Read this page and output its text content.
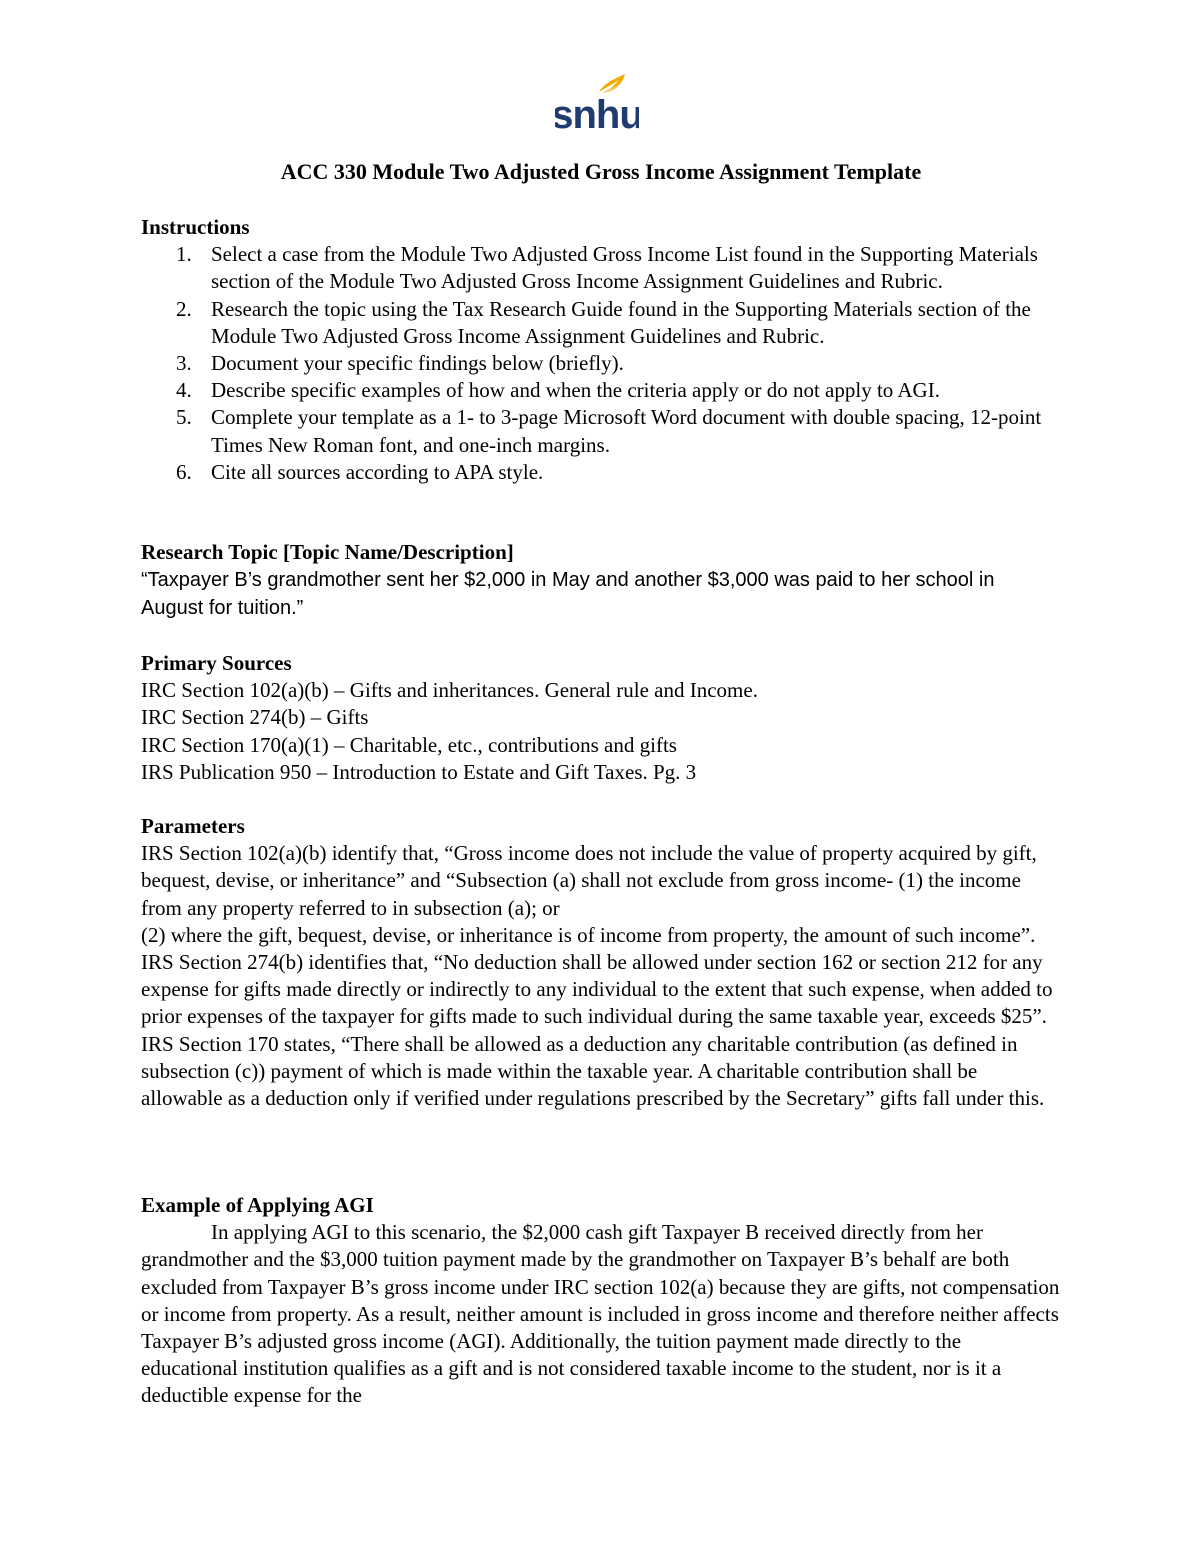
snhu
ACC 330 Module Two Adjusted Gross Income Assignment Template

Instructions

1. Select a case from the Module Two Adjusted Gross Income List found in the Supporting Materials section of the Module Two Adjusted Gross Income Assignment Guidelines and Rubric.
2. Research the topic using the Tax Research Guide found in the Supporting Materials section of the Module Two Adjusted Gross Income Assignment Guidelines and Rubric.
3. Document your specific findings below (briefly).
4. Describe specific examples of how and when the criteria apply or do not apply to AGI.
5. Complete your template as a 1- to 3-page Microsoft Word document with double spacing, 12-point Times New Roman font, and one-inch margins.
6. Cite all sources according to APA style.

Research Topic [Topic Name/Description]

“Taxpayer B’s grandmother sent her $2,000 in May and another $3,000 was paid to her school in August for tuition.”

Primary Sources

IRC Section 102(a)(b) – Gifts and inheritances. General rule and Income.

IRC Section 274(b) – Gifts

IRC Section 170(a)(1) – Charitable, etc., contributions and gifts

IRS Publication 950 – Introduction to Estate and Gift Taxes. Pg. 3

Parameters

IRS Section 102(a)(b) identify that, “Gross income does not include the value of property acquired by gift, bequest, devise, or inheritance” and “Subsection (a) shall not exclude from gross income- (1) the income from any property referred to in subsection (a); or

(2) where the gift, bequest, devise, or inheritance is of income from property, the amount of such income”. IRS Section 274(b) identifies that, “No deduction shall be allowed under section 162 or section 212 for any expense for gifts made directly or indirectly to any individual to the extent that such expense, when added to prior expenses of the taxpayer for gifts made to such individual during the same taxable year, exceeds $25”. IRS Section 170 states, “There shall be allowed as a deduction any charitable contribution (as defined in subsection (c)) payment of which is made within the taxable year. A charitable contribution shall be allowable as a deduction only if verified under regulations prescribed by the Secretary” gifts fall under this.

Example of Applying AGI

In applying AGI to this scenario, the $2,000 cash gift Taxpayer B received directly from her grandmother and the $3,000 tuition payment made by the grandmother on Taxpayer B’s behalf are both excluded from Taxpayer B’s gross income under IRC section 102(a) because they are gifts, not compensation or income from property. As a result, neither amount is included in gross income and therefore neither affects Taxpayer B’s adjusted gross income (AGI). Additionally, the tuition payment made directly to the educational institution qualifies as a gift and is not considered taxable income to the student, nor is it a deductible expense for the
